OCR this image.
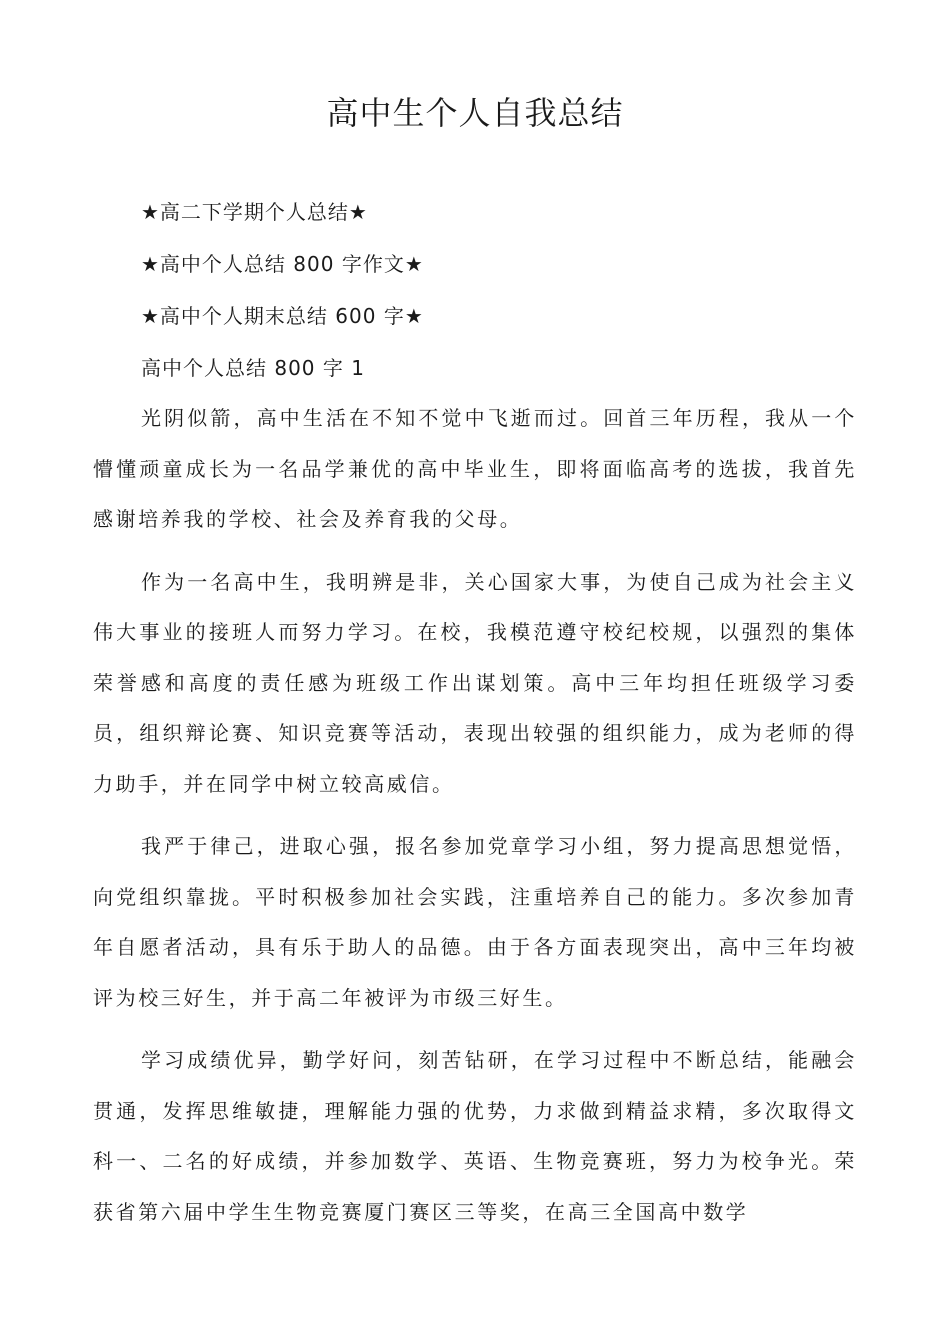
高中生个人自我总结
★高二下学期个人总结★
★高中个人总结 800 字作文★
★高中个人期末总结 600 字★
高中个人总结 800 字 1

光阴似箭，高中生活在不知不觉中飞逝而过。回首三年历程，我从一个懵懂顽童成长为一名品学兼优的高中毕业生，即将面临高考的选拔，我首先感谢培养我的学校、社会及养育我的父母。

作为一名高中生，我明辨是非，关心国家大事，为使自己成为社会主义伟大事业的接班人而努力学习。在校，我模范遵守校纪校规，以强烈的集体荣誉感和高度的责任感为班级工作出谋划策。高中三年均担任班级学习委员，组织辩论赛、知识竞赛等活动，表现出较强的组织能力，成为老师的得力助手，并在同学中树立较高威信。

我严于律己，进取心强，报名参加党章学习小组，努力提高思想觉悟，向党组织靠拢。平时积极参加社会实践，注重培养自己的能力。多次参加青年自愿者活动，具有乐于助人的品德。由于各方面表现突出，高中三年均被评为校三好生，并于高二年被评为市级三好生。

学习成绩优异，勤学好问，刻苦钻研，在学习过程中不断总结，能融会贯通，发挥思维敏捷，理解能力强的优势，力求做到精益求精，多次取得文科一、二名的好成绩，并参加数学、英语、生物竞赛班，努力为校争光。荣获省第六届中学生生物竞赛厦门赛区三等奖，在高三全国高中数学
